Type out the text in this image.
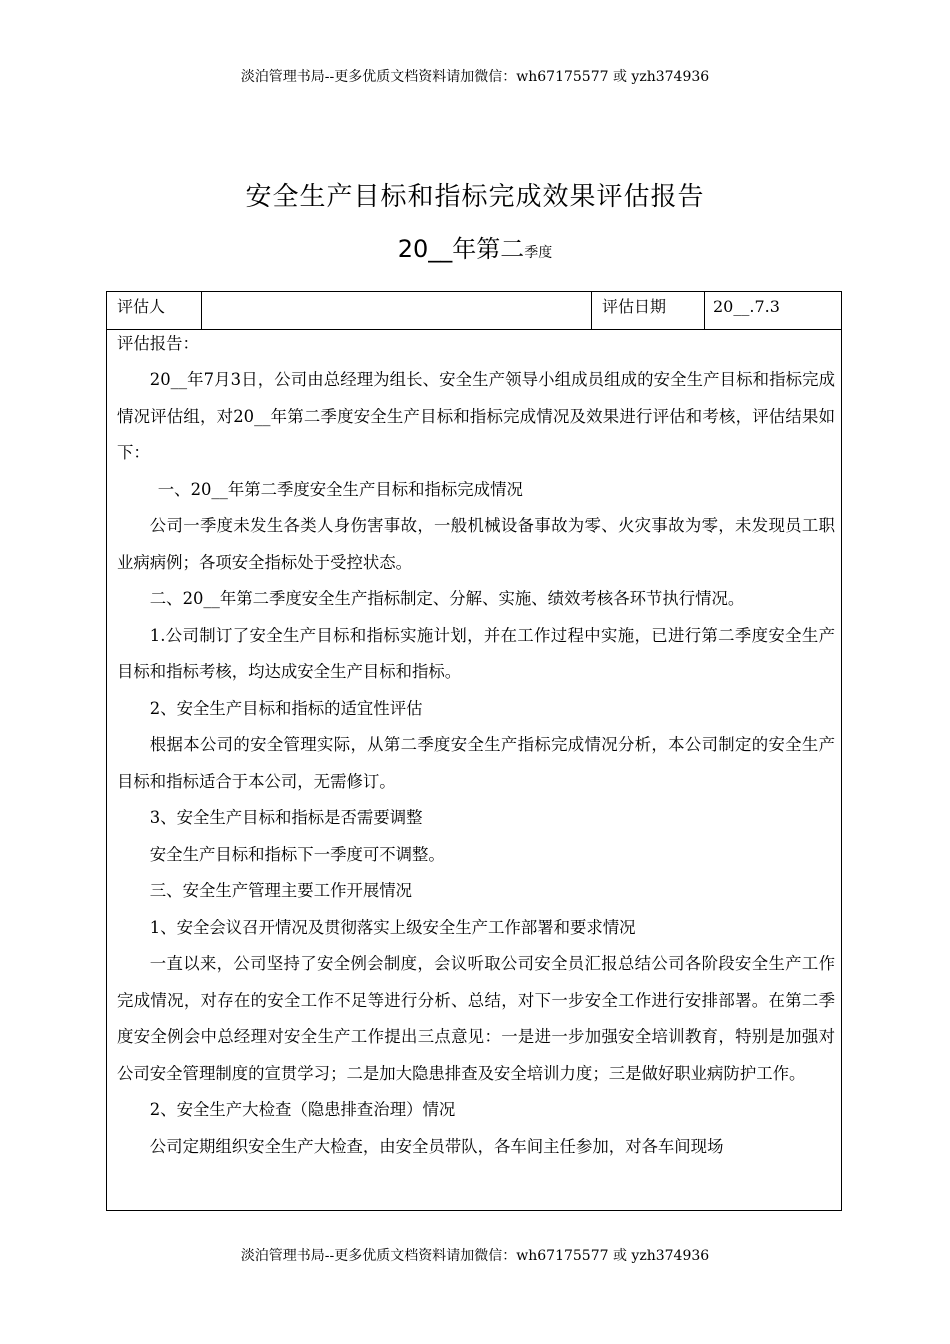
淡泊管理书局--更多优质文档资料请加微信：wh67175577 或 yzh374936
安全生产目标和指标完成效果评估报告
20__年第二季度
评估人	评估日期	20__.7.3

评估报告：

20__年7月3日，公司由总经理为组长、安全生产领导小组成员组成的安全生产目标和指标完成情况评估组，对20__年第二季度安全生产目标和指标完成情况及效果进行评估和考核，评估结果如下：

一、20__年第二季度安全生产目标和指标完成情况

公司一季度未发生各类人身伤害事故，一般机械设备事故为零、火灾事故为零，未发现员工职业病病例；各项安全指标处于受控状态。

二、20__年第二季度安全生产指标制定、分解、实施、绩效考核各环节执行情况。

1.公司制订了安全生产目标和指标实施计划，并在工作过程中实施，已进行第二季度安全生产目标和指标考核，均达成安全生产目标和指标。

2、安全生产目标和指标的适宜性评估

根据本公司的安全管理实际，从第二季度安全生产指标完成情况分析，本公司制定的安全生产目标和指标适合于本公司，无需修订。

3、安全生产目标和指标是否需要调整

安全生产目标和指标下一季度可不调整。

三、安全生产管理主要工作开展情况

1、安全会议召开情况及贯彻落实上级安全生产工作部署和要求情况

一直以来，公司坚持了安全例会制度，会议听取公司安全员汇报总结公司各阶段安全生产工作完成情况，对存在的安全工作不足等进行分析、总结，对下一步安全工作进行安排部署。在第二季度安全例会中总经理对安全生产工作提出三点意见：一是进一步加强安全培训教育，特别是加强对公司安全管理制度的宣贯学习；二是加大隐患排查及安全培训力度；三是做好职业病防护工作。

2、安全生产大检查（隐患排查治理）情况

公司定期组织安全生产大检查，由安全员带队，各车间主任参加，对各车间现场

淡泊管理书局--更多优质文档资料请加微信：wh67175577 或 yzh374936
